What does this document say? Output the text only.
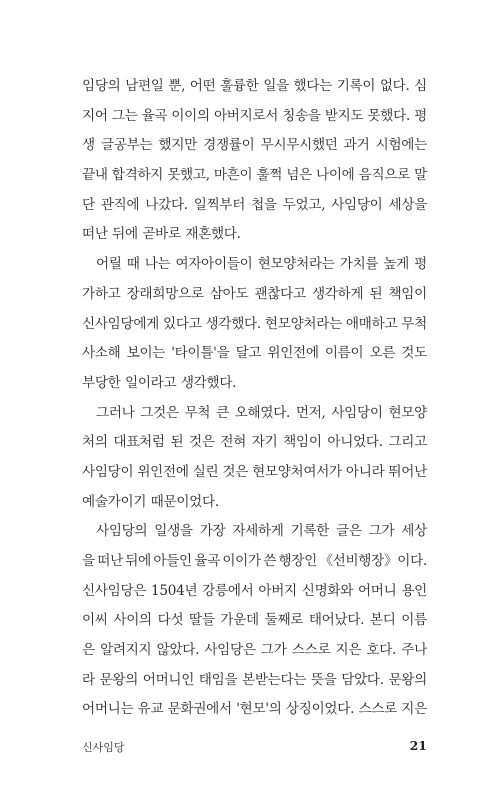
임당의 남편일 뿐, 어떤 훌륭한 일을 했다는 기록이 없다. 심
지어 그는 율곡 이이의 아버지로서 칭송을 받지도 못했다. 평
생 글공부는 했지만 경쟁률이 무시무시했던 과거 시험에는
끝내 합격하지 못했고, 마흔이 훌쩍 넘은 나이에 음직으로 말
단 관직에 나갔다. 일찍부터 첩을 두었고, 사임당이 세상을
떠난 뒤에 곧바로 재혼했다.
어릴 때 나는 여자아이들이 현모양처라는 가치를 높게 평
가하고 장래희망으로 삼아도 괜찮다고 생각하게 된 책임이
신사임당에게 있다고 생각했다. 현모양처라는 애매하고 무척
사소해 보이는 '타이틀'을 달고 위인전에 이름이 오른 것도
부당한 일이라고 생각했다.
그러나 그것은 무척 큰 오해였다. 먼저, 사임당이 현모양
처의 대표처럼 된 것은 전혀 자기 책임이 아니었다. 그리고
사임당이 위인전에 실린 것은 현모양처여서가 아니라 뛰어난
예술가이기 때문이었다.
사임당의 일생을 가장 자세하게 기록한 글은 그가 세상
을 떠난 뒤에 아들인 율곡 이이가 쓴 행장인 《선비행장》이다.
신사임당은 1504년 강릉에서 아버지 신명화와 어머니 용인
이씨 사이의 다섯 딸들 가운데 둘째로 태어났다. 본디 이름
은 알려지지 않았다. 사임당은 그가 스스로 지은 호다. 주나
라 문왕의 어머니인 태임을 본받는다는 뜻을 담았다. 문왕의
어머니는 유교 문화권에서 '현모'의 상징이었다. 스스로 지은
신사임당	21
